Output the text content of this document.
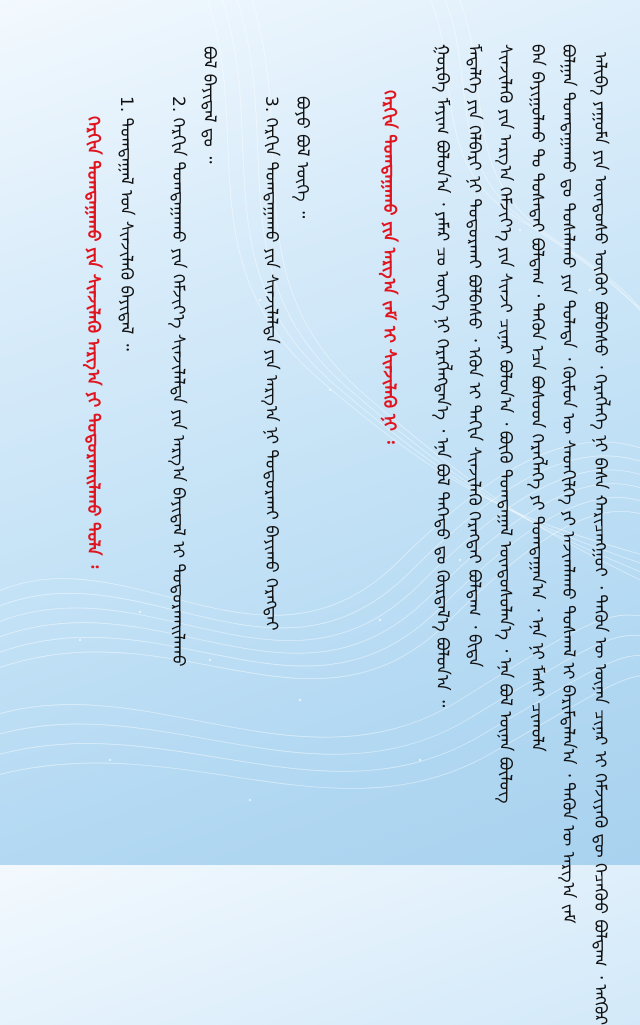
ᠠᠯᠢᠪᠠ ᠶᠠᠭᠤᠮᠠ ᠶᠢᠨ ᠦᠨᠳᠦᠰᠦ ᠦᠭᠦᠢ ᠪᠣᠯᠪᠠᠰᠤ ᠂ ᠬᠡᠷᠡᠭᠯᠡᠭᠡ ᠨᠢ ᠪᠠᠰᠠ ᠬᠠᠷᠢᠴᠠᠩᠭᠤᠢ ᠂ ᠲᠡᠭᠦᠨ ᠦ ᠦᠨᠡᠨ ᠴᠢᠨᠠᠷ ᠢ ᠬᠡᠮᠵᠢᠶᠡᠬᠦ ᠳᠦ ᠬᠡᠴᠡᠭᠦᠦ ᠪᠣᠯᠳᠠᠭ ᠂ ᠡᠩᠭᠦᠷ
ᠪᠣᠯᠭᠠᠨ ᠲᠣᠭᠲᠠᠭᠠᠬᠤ ᠳᠤ ᠲᠤᠰᠠᠯᠠᠬᠤ ᠶᠢᠨ ᠲᠤᠯᠠᠳᠠ ᠂ ᠬᠦᠮᠦᠨ ᠦ ᠰᠡᠳᠬᠢᠯᠭᠡ ᠶᠢ ᠠᠵᠢᠭᠯᠠᠬᠤ ᠲᠣᠰᠬᠠᠯ ᠢ ᠪᠠᠷᠢᠮᠲᠠᠯᠠᠨ᠎ᠠ ᠂ ᠲᠡᠭᠦᠨ ᠦ ᠠᠷᠭ᠎ᠠ ᠵᠠᠮ
ᠪᠡᠨ ᠪᠠᠶᠢᠭᠤᠯᠬᠤ ᠲᠤ ᠲᠤᠰᠠᠲᠠᠢ ᠪᠣᠯᠳᠠᠭ ᠂ ᠲᠡᠭᠦᠨ ᠡᠴᠡ ᠪᠤᠰᠤᠳ ᠬᠡᠷᠡᠭᠯᠡᠭᠡ ᠶᠢ ᠲᠣᠭᠲᠠᠭᠠᠨ᠎ᠠ ᠂ ᠡᠨᠡ ᠨᠢ ᠮᠠᠰᠢ ᠴᠢᠬᠤᠯᠠ
ᠰᠢᠨᠵᠢᠯᠡᠬᠦ ᠶᠢᠨ ᠠᠷᠭ᠎ᠠ ᠬᠡᠮᠵᠢᠶ᠎ᠡ ᠶᠢᠨ ᠰᠢᠨᠵᠢ ᠴᠢᠨᠠᠷ ᠪᠣᠯᠤᠨ᠎ᠠ ᠂ ᠪᠦᠬᠦ ᠲᠣᠭᠲᠠᠭᠠᠯ ᠦᠨᠳᠦᠰᠦᠯᠡᠨ᠎ᠡ ᠂ ᠡᠨᠡ ᠪᠣᠯ ᠦᠨᠡᠨ ᠪᠦᠯᠦᠭ
ᠮᠡᠳᠡᠯᠭᠡ ᠶᠢᠨ ᠬᠡᠯᠪᠡᠷᠢ ᠨᠢ ᠲᠣᠳᠣᠷᠬᠠᠢ ᠪᠣᠯᠪᠠᠰᠤ ᠂ ᠡᠭᠦᠨ ᠢ ᠳᠠᠬᠢᠨ ᠰᠢᠨᠵᠢᠯᠡᠬᠦ ᠬᠡᠷᠡᠭᠲᠡᠢ ᠪᠣᠯᠳᠠᠭ ᠂ ᠪᠢᠳᠡ
ᠭᠤᠷᠪᠠ ᠮᠠᠶᠢᠭ ᠪᠣᠯᠤᠨ᠎ᠠ ᠂ ᠶᠠᠮᠠᠷ ᠴᠤ ᠦᠭᠡ ᠨᠢ ᠬᠡᠷᠡᠭᠯᠡᠭᠳᠡᠨ᠎ᠡ ᠂ ᠡᠨᠡ ᠪᠣᠯ ᠳᠡᠭᠡᠳᠦ ᠳᠤ ᠬᠦᠷᠲᠡᠯ᠎ᠡ ᠪᠣᠯᠤᠨ᠎ᠠ ᠃
ᠬᠡᠷᠬᠢᠨ ᠲᠣᠭᠲᠠᠭᠠᠬᠤ ᠶᠢᠨ ᠠᠷᠭ᠎ᠠ ᠵᠠᠮ ᠢ ᠰᠢᠨᠵᠢᠯᠡᠬᠦ ᠨᠢ ᠄
ᠪᠤᠶᠤ ᠪᠣᠯ ᠦᠭᠡ ᠃
3. ᠬᠡᠷᠬᠢᠨ ᠲᠣᠭᠲᠠᠭᠠᠬᠤ ᠶᠢᠨ ᠰᠢᠨᠵᠢᠯᠡᠯᠲᠡ ᠶᠢᠨ ᠠᠷᠭ᠎ᠠ ᠨᠢ ᠲᠣᠳᠣᠷᠬᠠᠢ ᠪᠠᠶᠢᠬᠤ ᠬᠡᠷᠡᠭᠲᠡᠢ
ᠪᠤᠯ ᠪᠠᠶᠢᠳᠠᠯ ᠳᠤ ᠃
2. ᠬᠡᠷᠬᠢᠨ ᠲᠣᠭᠲᠠᠭᠠᠬᠤ ᠶᠢᠨ ᠬᠡᠮᠵᠢᠶ᠎ᠡ ᠰᠢᠨᠵᠢᠯᠡᠯᠲᠡ ᠶᠢᠨ ᠠᠷᠭ᠎ᠠ ᠪᠠᠶᠢᠳᠠᠯ ᠢ ᠲᠣᠳᠣᠷᠬᠠᠢᠯᠠᠬᠤ
1. ᠲᠣᠭᠲᠠᠭᠠᠯ ᠤᠨ ᠰᠢᠨᠵᠢᠯᠡᠬᠦ ᠪᠠᠶᠢᠳᠠᠯ ᠃
ᠬᠡᠷᠬᠢᠨ ᠲᠣᠭᠲᠠᠭᠠᠬᠤ ᠶᠢᠨ ᠰᠢᠨᠵᠢᠯᠡᠬᠦ ᠠᠷᠭ᠎ᠠ ᠶᠢ ᠲᠣᠳᠣᠷᠬᠠᠢᠯᠠᠬᠤ ᠲᠣᠯᠠ ᠄
